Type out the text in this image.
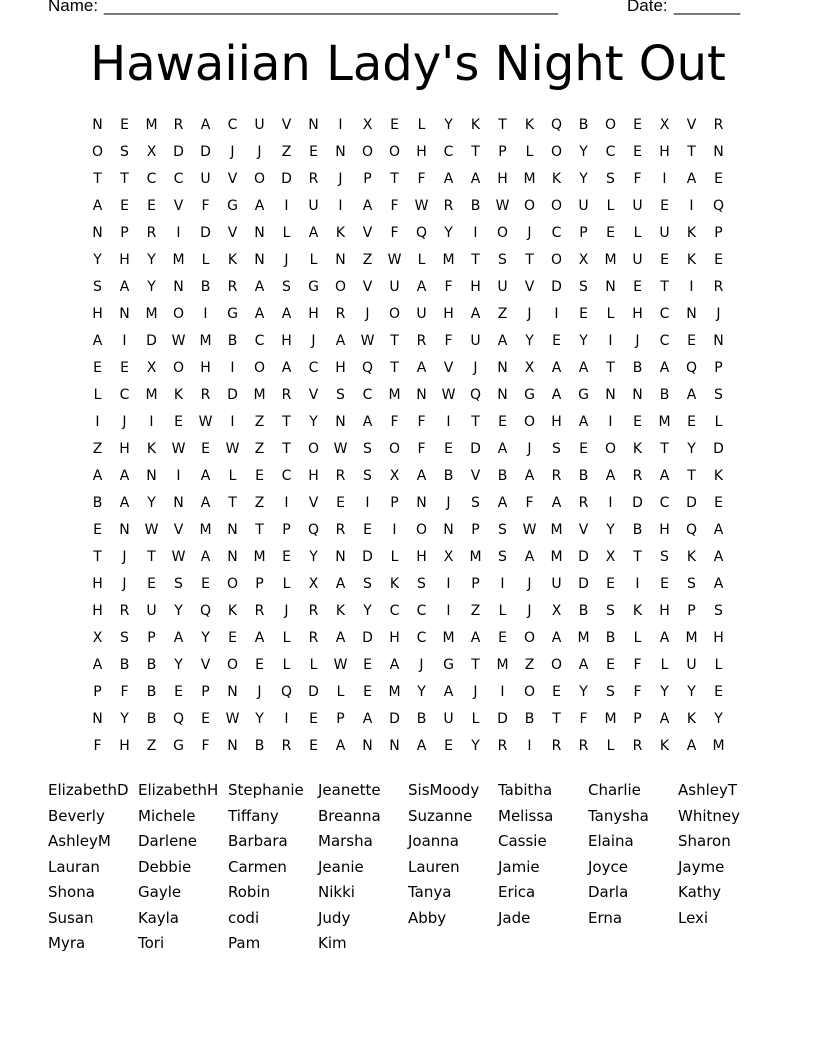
Name: ________________________________________________	Date: _______
Hawaiian Lady's Night Out
N	E	M	R	A	C	U	V	N	I	X	E	L	Y	K	T	K	Q	B	O	E	X	V	R
O	S	X	D	D	J	J	Z	E	N	O	O	H	C	T	P	L	O	Y	C	E	H	T	N
T	T	C	C	U	V	O	D	R	J	P	T	F	A	A	H	M	K	Y	S	F	I	A	E
A	E	E	V	F	G	A	I	U	I	A	F	W	R	B	W	O	O	U	L	U	E	I	Q
N	P	R	I	D	V	N	L	A	K	V	F	Q	Y	I	O	J	C	P	E	L	U	K	P
Y	H	Y	M	L	K	N	J	L	N	Z	W	L	M	T	S	T	O	X	M	U	E	K	E
S	A	Y	N	B	R	A	S	G	O	V	U	A	F	H	U	V	D	S	N	E	T	I	R
H	N	M	O	I	G	A	A	H	R	J	O	U	H	A	Z	J	I	E	L	H	C	N	J
A	I	D	W	M	B	C	H	J	A	W	T	R	F	U	A	Y	E	Y	I	J	C	E	N
E	E	X	O	H	I	O	A	C	H	Q	T	A	V	J	N	X	A	A	T	B	A	Q	P
L	C	M	K	R	D	M	R	V	S	C	M	N	W	Q	N	G	A	G	N	N	B	A	S
I	J	I	E	W	I	Z	T	Y	N	A	F	F	I	T	E	O	H	A	I	E	M	E	L
Z	H	K	W	E	W	Z	T	O	W	S	O	F	E	D	A	J	S	E	O	K	T	Y	D
A	A	N	I	A	L	E	C	H	R	S	X	A	B	V	B	A	R	B	A	R	A	T	K
B	A	Y	N	A	T	Z	I	V	E	I	P	N	J	S	A	F	A	R	I	D	C	D	E
E	N	W	V	M	N	T	P	Q	R	E	I	O	N	P	S	W	M	V	Y	B	H	Q	A
T	J	T	W	A	N	M	E	Y	N	D	L	H	X	M	S	A	M	D	X	T	S	K	A
H	J	E	S	E	O	P	L	X	A	S	K	S	I	P	I	J	U	D	E	I	E	S	A
H	R	U	Y	Q	K	R	J	R	K	Y	C	C	I	Z	L	J	X	B	S	K	H	P	S
X	S	P	A	Y	E	A	L	R	A	D	H	C	M	A	E	O	A	M	B	L	A	M	H
A	B	B	Y	V	O	E	L	L	W	E	A	J	G	T	M	Z	O	A	E	F	L	U	L
P	F	B	E	P	N	J	Q	D	L	E	M	Y	A	J	I	O	E	Y	S	F	Y	Y	E
N	Y	B	Q	E	W	Y	I	E	P	A	D	B	U	L	D	B	T	F	M	P	A	K	Y
F	H	Z	G	F	N	B	R	E	A	N	N	A	E	Y	R	I	R	R	L	R	K	A	M
ElizabethD ElizabethH Stephanie Jeanette	SisMoody	Tabitha	Charlie	AshleyT
Beverly	Michele	Tiffany	Breanna	Suzanne	Melissa	Tanysha	Whitney
AshleyM	Darlene	Barbara	Marsha	Joanna	Cassie	Elaina	Sharon
Lauran	Debbie	Carmen	Jeanie	Lauren	Jamie	Joyce	Jayme
Shona	Gayle	Robin	Nikki	Tanya	Erica	Darla	Kathy
Susan	Kayla	codi	Judy	Abby	Jade	Erna	Lexi
Myra	Tori	Pam	Kim
